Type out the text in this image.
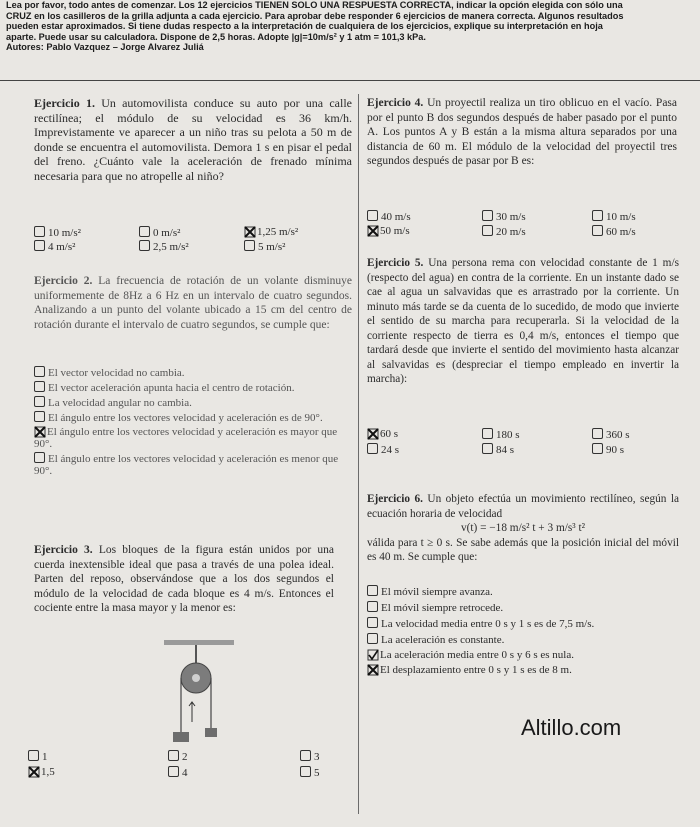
Lea por favor, todo antes de comenzar. Los 12 ejercicios TIENEN SOLO UNA RESPUESTA CORRECTA, indicar la opción elegida con sólo una
CRUZ en los casilleros de la grilla adjunta a cada ejercicio. Para aprobar debe responder 6 ejercicios de manera correcta. Algunos resultados
pueden estar aproximados. Si tiene dudas respecto a la interpretación de cualquiera de los ejercicios, explique su interpretación en hoja
aparte. Puede usar su calculadora. Dispone de 2,5 horas. Adopte |g|=10m/s² y 1 atm = 101,3 kPa.
Autores: Pablo Vazquez – Jorge Alvarez Juliá

Ejercicio 1. Un automovilista conduce su auto por una calle rectilínea; el módulo de su velocidad es 36 km/h. Imprevistamente ve aparecer a un niño tras su pelota a 50 m de donde se encuentra el automovilista. Demora 1 s en pisar el pedal del freno. ¿Cuánto vale la aceleración de frenado mínima necesaria para que no atropelle al niño?

10 m/s²	0 m/s²	1,25 m/s²
4 m/s²	2,5 m/s²	5 m/s²

Ejercicio 2. La frecuencia de rotación de un volante disminuye uniformemente de 8Hz a 6 Hz en un intervalo de cuatro segundos. Analizando a un punto del volante ubicado a 15 cm del centro de rotación durante el intervalo de cuatro segundos, se cumple que:

El vector velocidad no cambia.
El vector aceleración apunta hacia el centro de rotación.
La velocidad angular no cambia.
El ángulo entre los vectores velocidad y aceleración es de 90°.
El ángulo entre los vectores velocidad y aceleración es mayor que 90°.
El ángulo entre los vectores velocidad y aceleración es menor que 90°.

Ejercicio 3. Los bloques de la figura están unidos por una cuerda inextensible ideal que pasa a través de una polea ideal. Parten del reposo, observándose que a los dos segundos el módulo de la velocidad de cada bloque es 4 m/s. Entonces el cociente entre la masa mayor y la menor es:

1	2	3
1,5	4	5

Ejercicio 4. Un proyectil realiza un tiro oblicuo en el vacío. Pasa por el punto B dos segundos después de haber pasado por el punto A. Los puntos A y B están a la misma altura separados por una distancia de 60 m. El módulo de la velocidad del proyectil tres segundos después de pasar por B es:

40 m/s	30 m/s	10 m/s
50 m/s	20 m/s	60 m/s

Ejercicio 5. Una persona rema con velocidad constante de 1 m/s (respecto del agua) en contra de la corriente. En un instante dado se cae al agua un salvavidas que es arrastrado por la corriente. Un minuto más tarde se da cuenta de lo sucedido, de modo que invierte el sentido de su marcha para recuperarla. Si la velocidad de la corriente respecto de tierra es 0,4 m/s, entonces el tiempo que tardará desde que invierte el sentido del movimiento hasta alcanzar al salvavidas es (despreciar el tiempo empleado en invertir la marcha):

60 s	180 s	360 s
24 s	84 s	90 s

Ejercicio 6. Un objeto efectúa un movimiento rectilíneo, según la ecuación horaria de velocidad

v(t) = −18 m/s² t + 3 m/s³ t²

válida para t ≥ 0 s. Se sabe además que la posición inicial del móvil es 40 m. Se cumple que:

El móvil siempre avanza.
El móvil siempre retrocede.
La velocidad media entre 0 s y 1 s es de 7,5 m/s.
La aceleración es constante.
La aceleración media entre 0 s y 6 s es nula.
El desplazamiento entre 0 s y 1 s es de 8 m.
Altillo.com
